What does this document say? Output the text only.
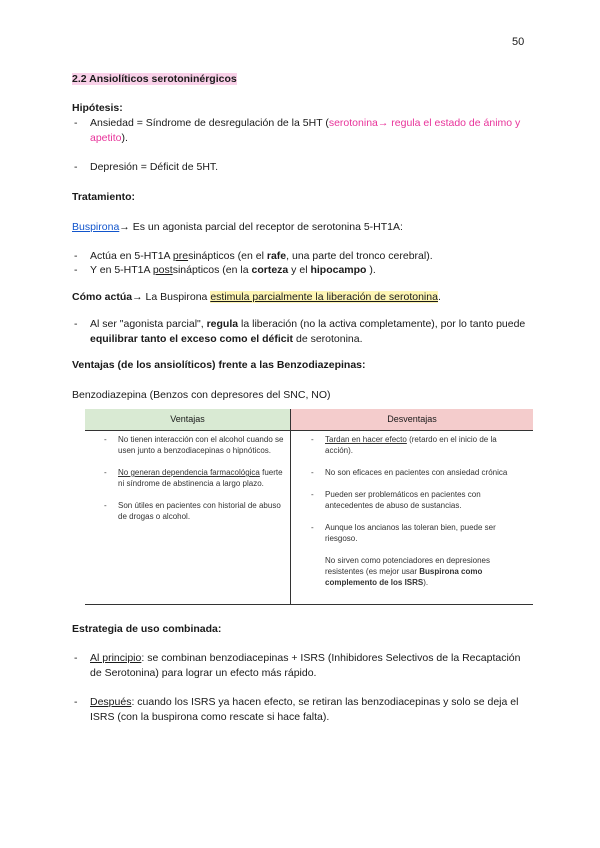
50
2.2 Ansiolíticos serotoninérgicos
Hipótesis:
- Ansiedad = Síndrome de desregulación de la 5HT (serotonina→ regula el estado de ánimo y apetito).
- Depresión = Déficit de 5HT.
Tratamiento:
Buspirona→ Es un agonista parcial del receptor de serotonina 5-HT1A:
- Actúa en 5-HT1A presinápticos (en el rafe, una parte del tronco cerebral).
- Y en 5-HT1A postsinápticos (en la corteza y el hipocampo ).
Cómo actúa→ La Buspirona estimula parcialmente la liberación de serotonina.
- Al ser "agonista parcial", regula la liberación (no la activa completamente), por lo tanto puede equilibrar tanto el exceso como el déficit de serotonina.
Ventajas (de los ansiolíticos) frente a las Benzodiazepinas:
Benzodiazepina (Benzos con depresores del SNC, NO)
Ventajas	Desventajas
- No tienen interacción con el alcohol cuando se usen junto a benzodiacepinas o hipnóticos.
- No generan dependencia farmacológica fuerte ni síndrome de abstinencia a largo plazo.
- Son útiles en pacientes con historial de abuso de drogas o alcohol.
- Tardan en hacer efecto (retardo en el inicio de la acción).
- No son eficaces en pacientes con ansiedad crónica
- Pueden ser problemáticos en pacientes con antecedentes de abuso de sustancias.
- Aunque los ancianos las toleran bien, puede ser riesgoso.
No sirven como potenciadores en depresiones resistentes (es mejor usar Buspirona como complemento de los ISRS).
Estrategia de uso combinada:
- Al principio: se combinan benzodiacepinas + ISRS (Inhibidores Selectivos de la Recaptación de Serotonina) para lograr un efecto más rápido.
- Después: cuando los ISRS ya hacen efecto, se retiran las benzodiacepinas y solo se deja el ISRS (con la buspirona como rescate si hace falta).
